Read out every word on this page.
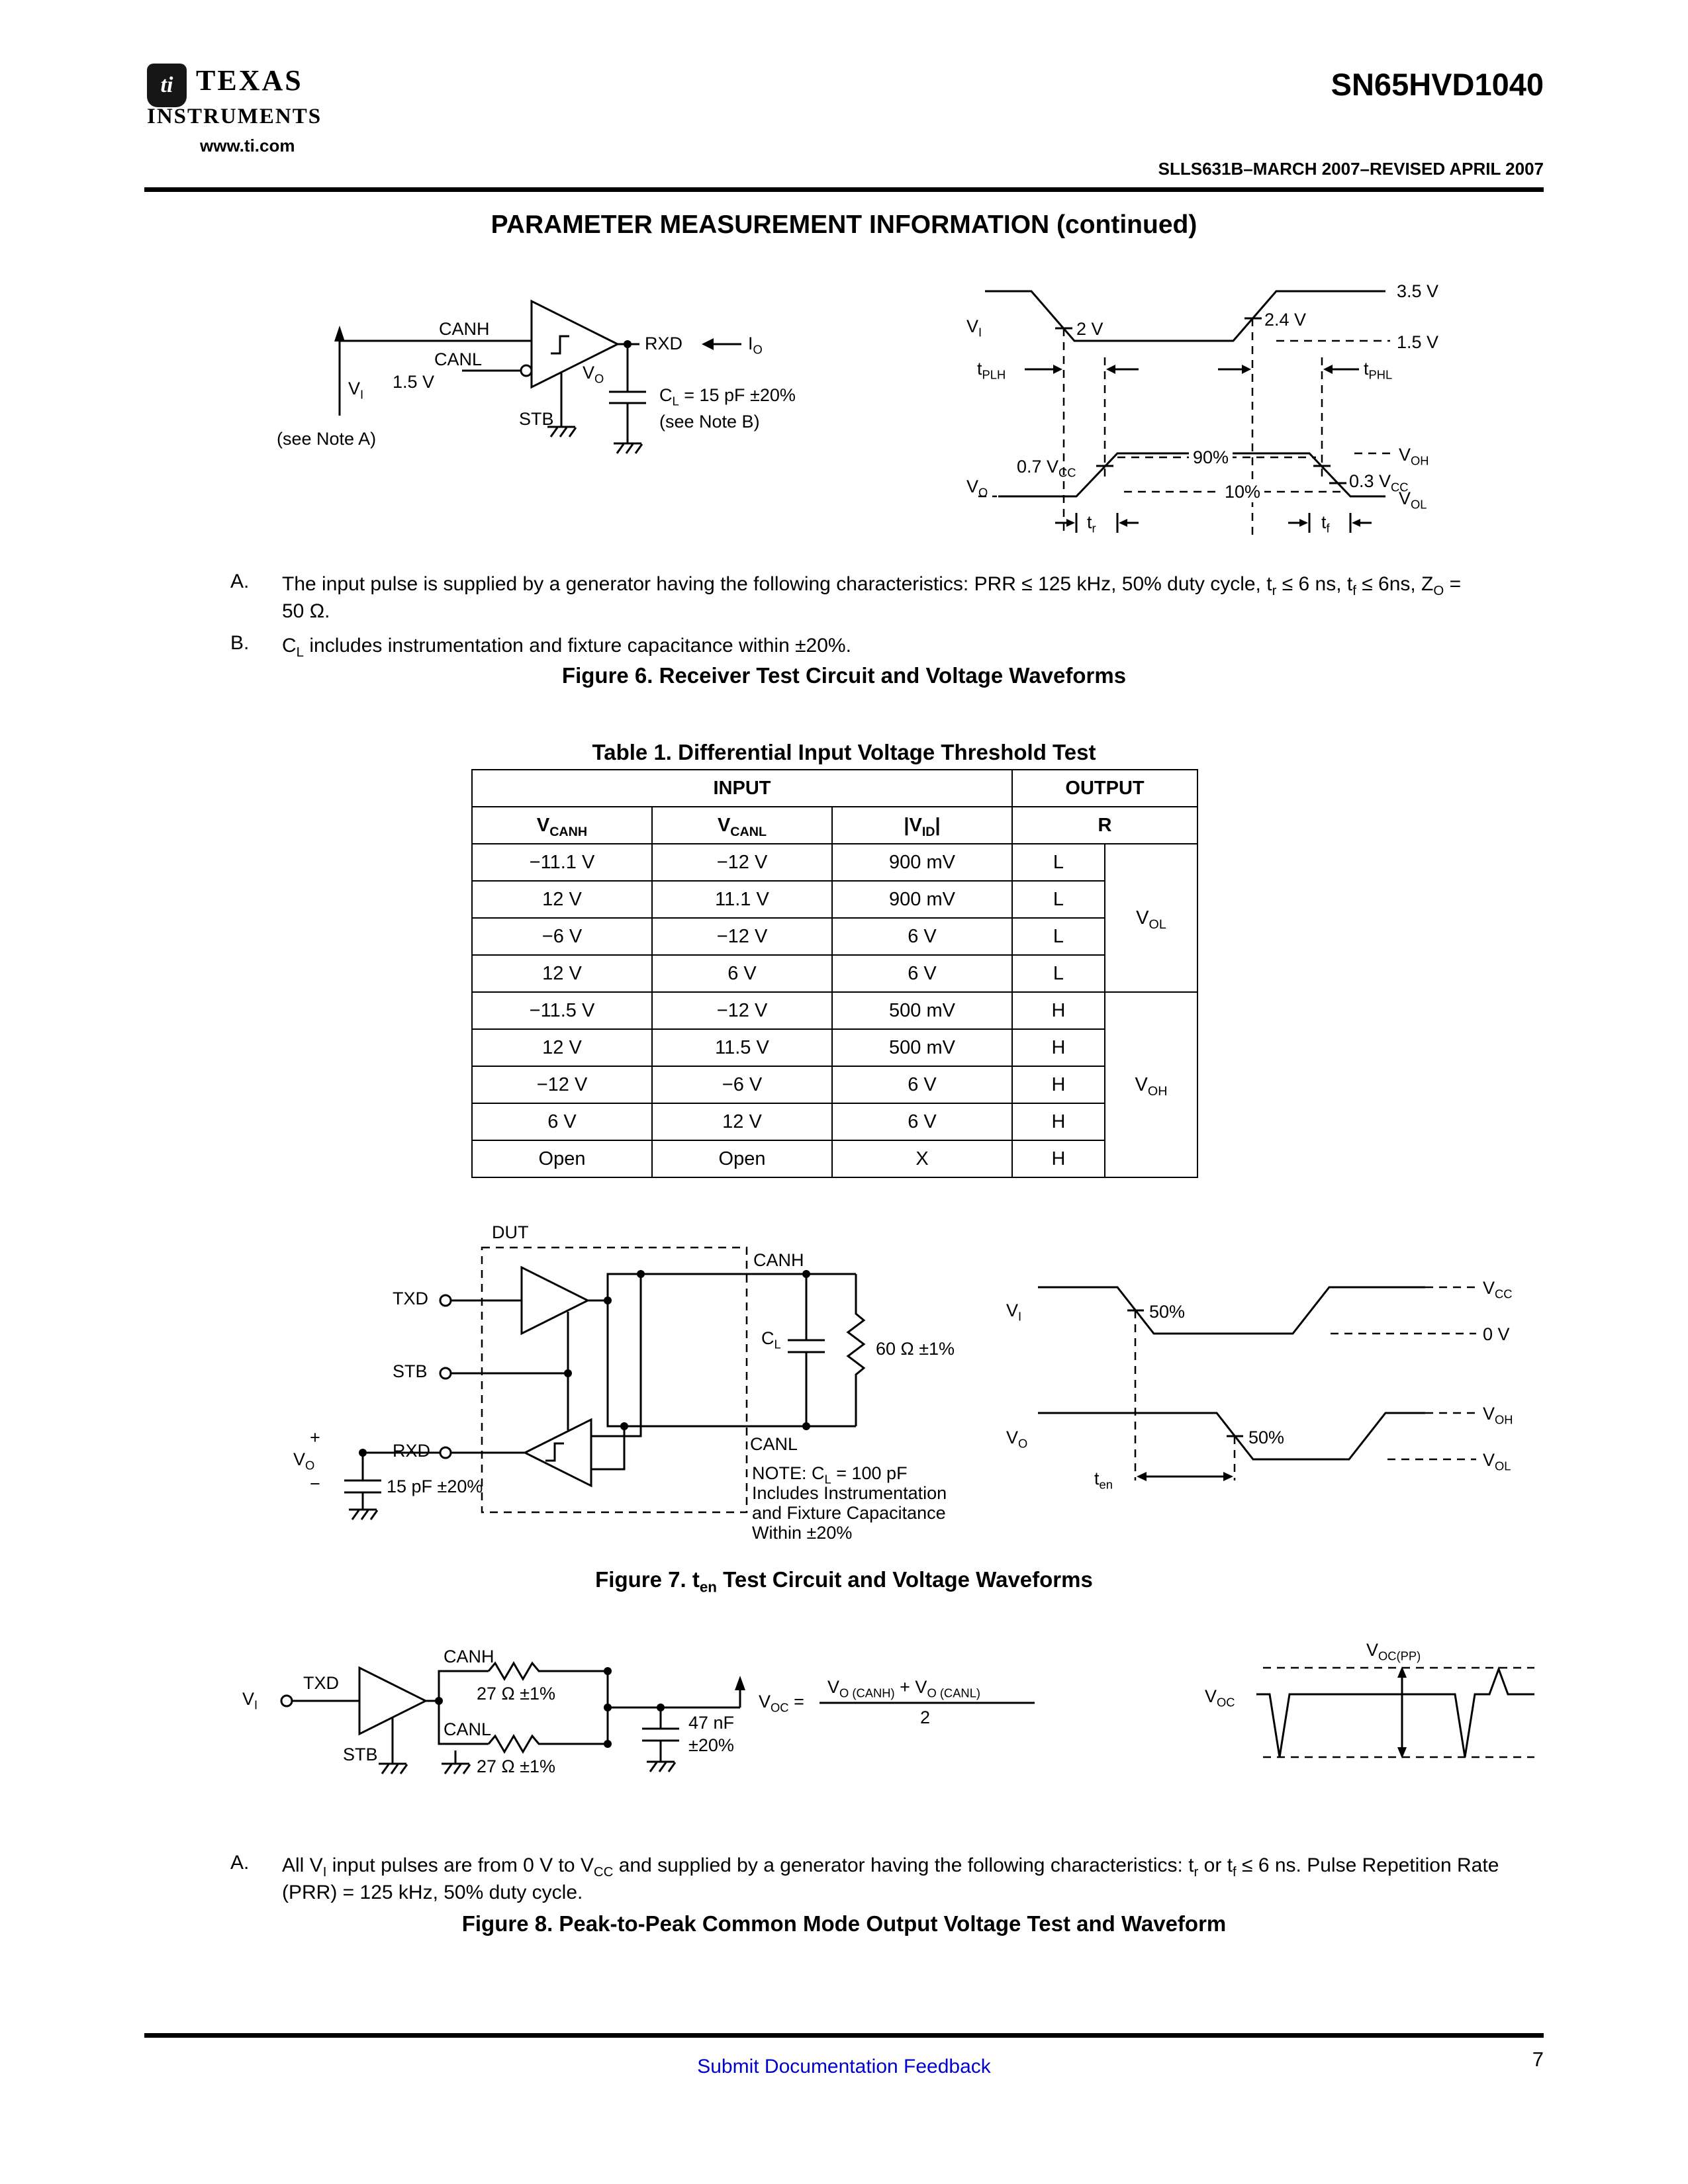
ti TEXAS
INSTRUMENTS
www.ti.com
SN65HVD1040
SLLS631B–MARCH 2007–REVISED APRIL 2007
PARAMETER MEASUREMENT INFORMATION (continued)
CANH
$V_I$
(see Note A)
1.5 V
CANL
STB
RXD	$I_O$
$V_O$
$C_L = 15$ pF ±20%
(see Note B)
$V_I$
3.5 V
2 V	2.4 V
1.5 V
$t_{PLH}$	$t_{PHL}$
0.7 $V_{CC}$
90%
10%
0.3 $V_{CC}$
$V_O$
$V_{OH}$
$V_{OL}$
$t_r$	$t_f$
A.	The input pulse is supplied by a generator having the following characteristics: PRR ≤ 125 kHz, 50% duty cycle, $t_r \le 6$ ns, $t_f \le 6ns$, $Z_O = 50$ Ω.
B.	$C_L$ includes instrumentation and fixture capacitance within ±20%.
Figure 6. Receiver Test Circuit and Voltage Waveforms
Table 1. Differential Input Voltage Threshold Test
INPUT			OUTPUT	
$V_{CANH}$	$V_{CANL}$	$|V_{ID}|$	R	
−11.1 V	−12 V	900 mV	L	$V_{OL}$
12 V	11.1 V	900 mV	L	
−6 V	−12 V	6 V	L	
12 V	6 V	6 V	L	
−11.5 V	−12 V	500 mV	H	$V_{OH}$
12 V	11.5 V	500 mV	H	
−12 V	−6 V	6 V	H	
6 V	12 V	6 V	H	
Open	Open	X	H	
DUT
TXD
STB
RXD
CANH
CANL
$C_L$	60 Ω ±1%
NOTE: $C_L = 100$ pF
Includes Instrumentation
and Fixture Capacitance
Within ±20%
+
$V_O$
−	15 pF ±20%
$V_I$	50%
$V_{CC}$
0 V
$V_O$	50%
$V_{OH}$
$V_{OL}$
$t_{en}$
Figure 7. $t_{en}$ Test Circuit and Voltage Waveforms
$V_I$
TXD
STB
CANH
27 Ω ±1%
CANL
27 Ω ±1%
47 nF
±20%
$V_{OC}$ =
$V_{O (CANH)} + V_{O (CANL)}$
2
$V_{OC}$
$V_{OC(PP)}$
A.	All $V_I$ input pulses are from 0 V to $V_{CC}$ and supplied by a generator having the following characteristics: $t_r$ or $t_f \le 6$ ns. Pulse Repetition Rate (PRR) = 125 kHz, 50% duty cycle.
Figure 8. Peak-to-Peak Common Mode Output Voltage Test and Waveform
Submit Documentation Feedback	7
